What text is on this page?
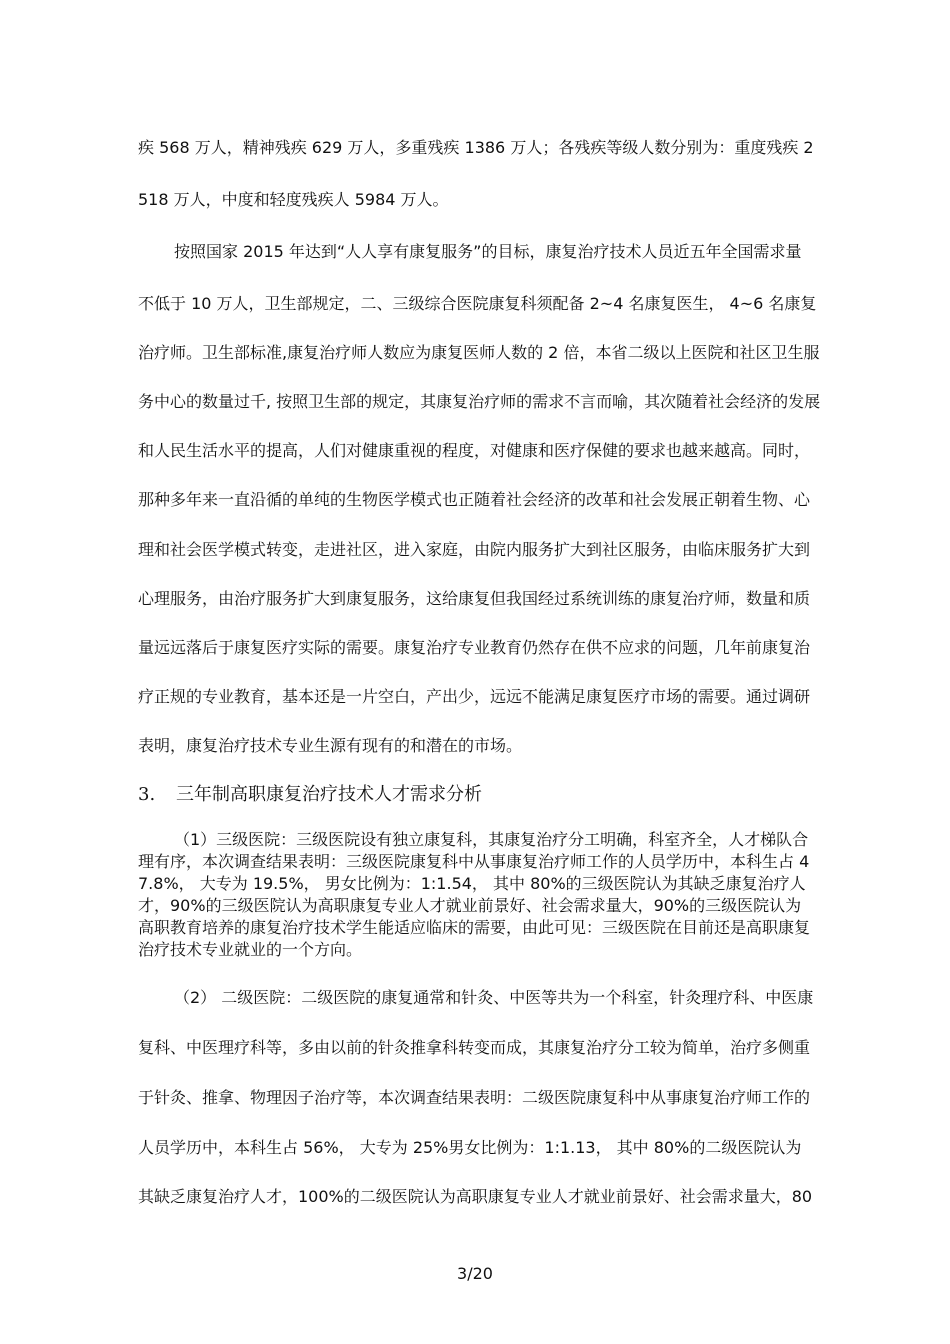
疾 568 万人，精神残疾 629 万人，多重残疾 1386 万人；各残疾等级人数分别为：重度残疾 2
518 万人，中度和轻度残疾人 5984 万人。
按照国家 2015 年达到“人人享有康复服务”的目标，康复治疗技术人员近五年全国需求量
不低于 10 万人，卫生部规定，二、三级综合医院康复科须配备 2~4 名康复医生， 4~6 名康复
治疗师。卫生部标准,康复治疗师人数应为康复医师人数的 2 倍，本省二级以上医院和社区卫生服
务中心的数量过千, 按照卫生部的规定，其康复治疗师的需求不言而喻，其次随着社会经济的发展
和人民生活水平的提高，人们对健康重视的程度，对健康和医疗保健的要求也越来越高。同时，
那种多年来一直沿循的单纯的生物医学模式也正随着社会经济的改革和社会发展正朝着生物、心
理和社会医学模式转变，走进社区，进入家庭，由院内服务扩大到社区服务，由临床服务扩大到
心理服务，由治疗服务扩大到康复服务，这给康复但我国经过系统训练的康复治疗师，数量和质
量远远落后于康复医疗实际的需要。康复治疗专业教育仍然存在供不应求的问题，几年前康复治
疗正规的专业教育，基本还是一片空白，产出少，远远不能满足康复医疗市场的需要。通过调研
表明，康复治疗技术专业生源有现有的和潜在的市场。
3. 三年制高职康复治疗技术人才需求分析
（1）三级医院：三级医院设有独立康复科，其康复治疗分工明确，科室齐全，人才梯队合
理有序，本次调查结果表明：三级医院康复科中从事康复治疗师工作的人员学历中，本科生占 4
7.8%， 大专为 19.5%， 男女比例为：1:1.54， 其中 80%的三级医院认为其缺乏康复治疗人
才，90%的三级医院认为高职康复专业人才就业前景好、社会需求量大，90%的三级医院认为
高职教育培养的康复治疗技术学生能适应临床的需要，由此可见：三级医院在目前还是高职康复
治疗技术专业就业的一个方向。
（2） 二级医院：二级医院的康复通常和针灸、中医等共为一个科室，针灸理疗科、中医康
复科、中医理疗科等，多由以前的针灸推拿科转变而成，其康复治疗分工较为简单，治疗多侧重
于针灸、推拿、物理因子治疗等，本次调查结果表明：二级医院康复科中从事康复治疗师工作的
人员学历中，本科生占 56%， 大专为 25%男女比例为：1:1.13， 其中 80%的二级医院认为
其缺乏康复治疗人才，100%的二级医院认为高职康复专业人才就业前景好、社会需求量大，80
3/20
